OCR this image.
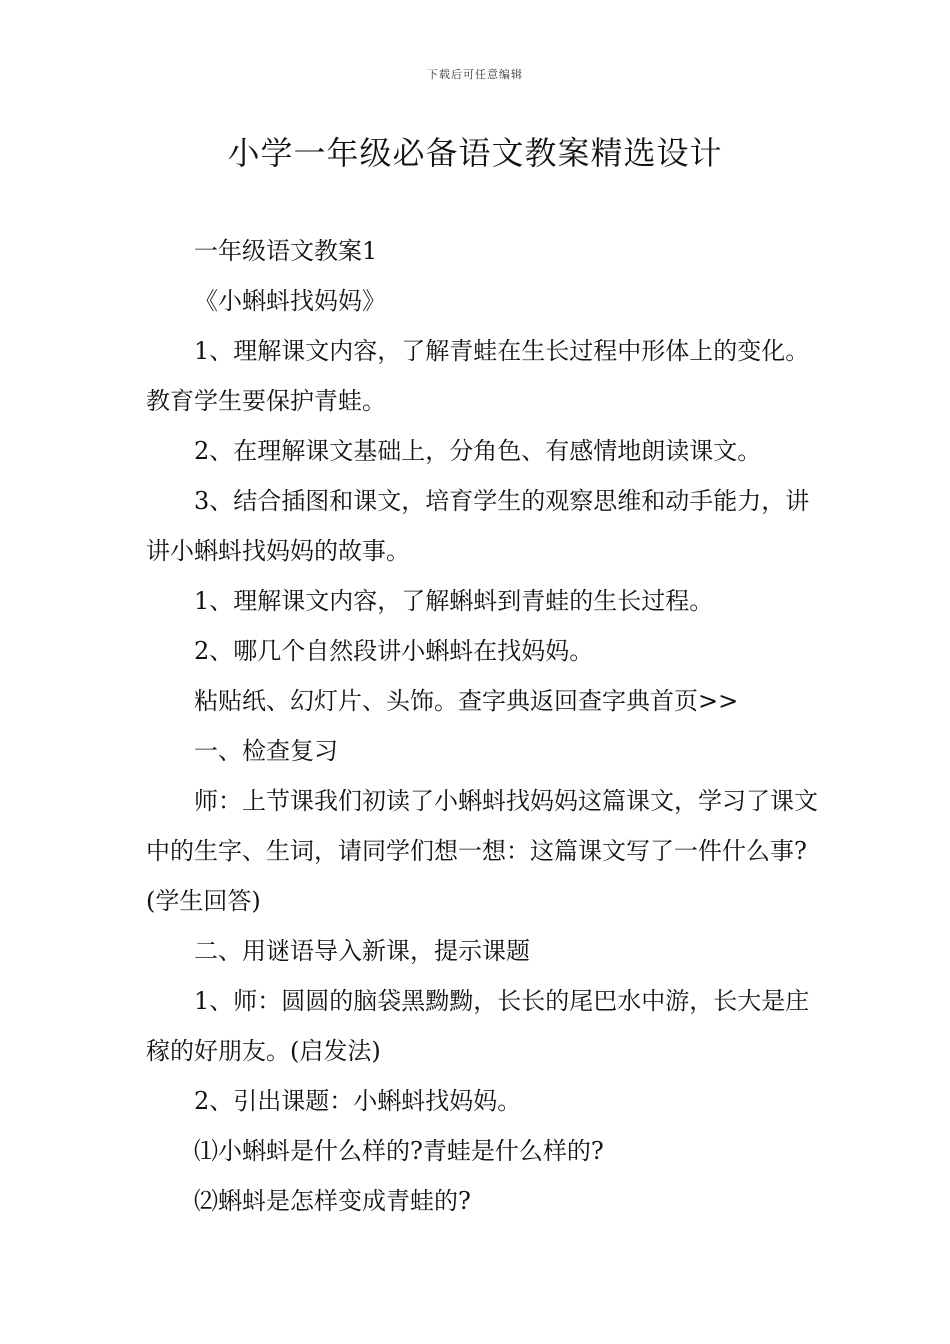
下载后可任意编辑
小学一年级必备语文教案精选设计

一年级语文教案1

《小蝌蚪找妈妈》

1、理解课文内容，了解青蛙在生长过程中形体上的变化。教育学生要保护青蛙。

2、在理解课文基础上，分角色、有感情地朗读课文。

3、结合插图和课文，培育学生的观察思维和动手能力，讲讲小蝌蚪找妈妈的故事。

1、理解课文内容，了解蝌蚪到青蛙的生长过程。

2、哪几个自然段讲小蝌蚪在找妈妈。

粘贴纸、幻灯片、头饰。查字典返回查字典首页>>

一、检查复习

师：上节课我们初读了小蝌蚪找妈妈这篇课文，学习了课文中的生字、生词，请同学们想一想：这篇课文写了一件什么事?(学生回答)

二、用谜语导入新课，提示课题

1、师：圆圆的脑袋黑黝黝，长长的尾巴水中游，长大是庄稼的好朋友。(启发法)

2、引出课题：小蝌蚪找妈妈。

⑴小蝌蚪是什么样的?青蛙是什么样的?

⑵蝌蚪是怎样变成青蛙的?
